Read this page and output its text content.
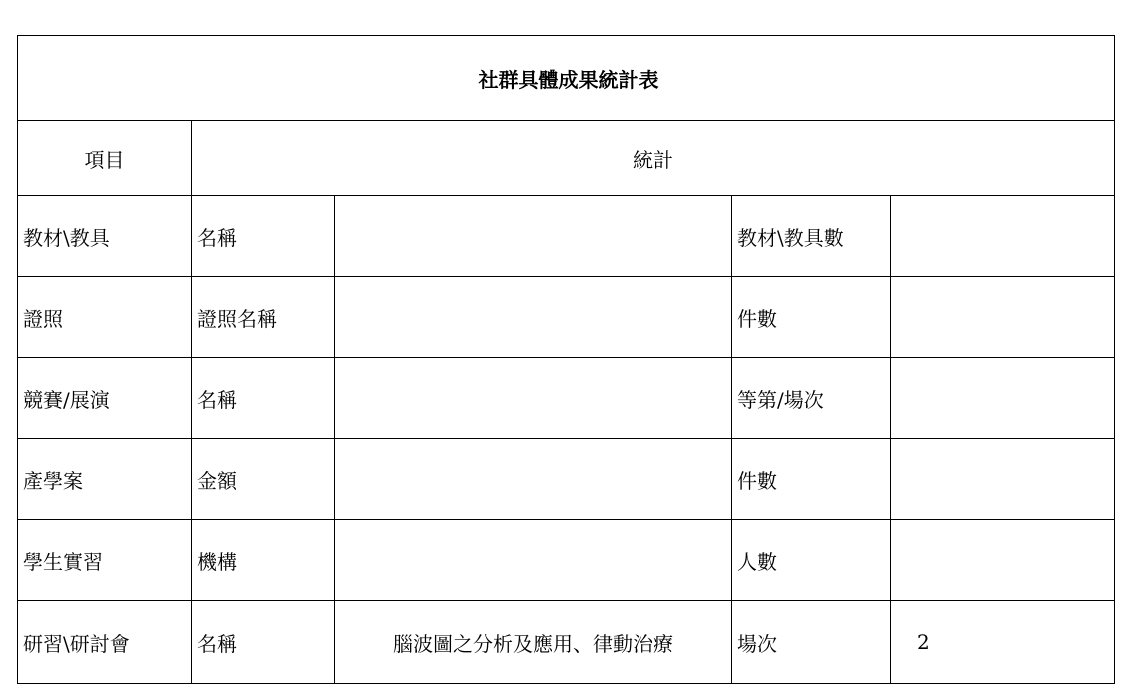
社群具體成果統計表				
項目	統計			
教材\教具	名稱		教材\教具數	
證照	證照名稱		件數	
競賽/展演	名稱		等第/場次	
產學案	金額		件數	
學生實習	機構		人數	
研習\研討會	名稱	腦波圖之分析及應用、律動治療	場次	2
